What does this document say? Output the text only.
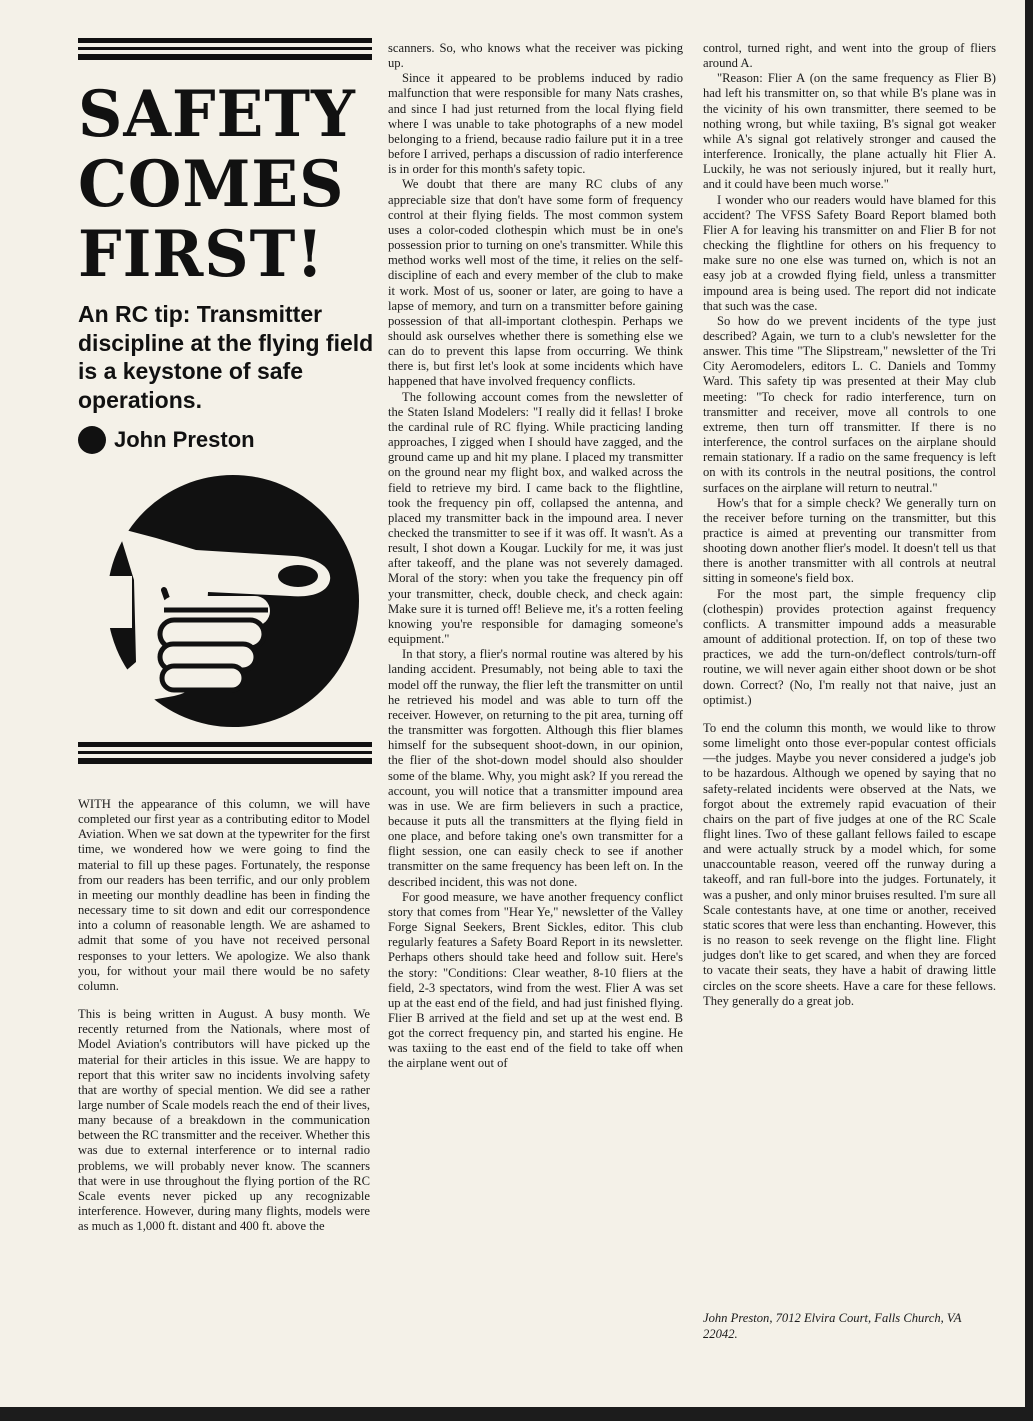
SAFETY
COMES
FIRST!
An RC tip: Transmitter discipline at the flying field is a keystone of safe operations.
John Preston

WITH the appearance of this column, we will have completed our first year as a contributing editor to Model Aviation. When we sat down at the typewriter for the first time, we wondered how we were going to find the material to fill up these pages. Fortunately, the response from our readers has been terrific, and our only problem in meeting our monthly deadline has been in finding the necessary time to sit down and edit our correspondence into a column of reasonable length. We are ashamed to admit that some of you have not received personal responses to your letters. We apologize. We also thank you, for without your mail there would be no safety column.

This is being written in August. A busy month. We recently returned from the Nationals, where most of Model Aviation's contributors will have picked up the material for their articles in this issue. We are happy to report that this writer saw no incidents involving safety that are worthy of special mention. We did see a rather large number of Scale models reach the end of their lives, many because of a breakdown in the communication between the RC transmitter and the receiver. Whether this was due to external interference or to internal radio problems, we will probably never know. The scanners that were in use throughout the flying portion of the RC Scale events never picked up any recognizable interference. However, during many flights, models were as much as 1,000 ft. distant and 400 ft. above the

scanners. So, who knows what the receiver was picking up.

Since it appeared to be problems induced by radio malfunction that were responsible for many Nats crashes, and since I had just returned from the local flying field where I was unable to take photographs of a new model belonging to a friend, because radio failure put it in a tree before I arrived, perhaps a discussion of radio interference is in order for this month's safety topic.

We doubt that there are many RC clubs of any appreciable size that don't have some form of frequency control at their flying fields. The most common system uses a color-coded clothespin which must be in one's possession prior to turning on one's transmitter. While this method works well most of the time, it relies on the self-discipline of each and every member of the club to make it work. Most of us, sooner or later, are going to have a lapse of memory, and turn on a transmitter before gaining possession of that all-important clothespin. Perhaps we should ask ourselves whether there is something else we can do to prevent this lapse from occurring. We think there is, but first let's look at some incidents which have happened that have involved frequency conflicts.

The following account comes from the newsletter of the Staten Island Modelers: "I really did it fellas! I broke the cardinal rule of RC flying. While practicing landing approaches, I zigged when I should have zagged, and the ground came up and hit my plane. I placed my transmitter on the ground near my flight box, and walked across the field to retrieve my bird. I came back to the flightline, took the frequency pin off, collapsed the antenna, and placed my transmitter back in the impound area. I never checked the transmitter to see if it was off. It wasn't. As a result, I shot down a Kougar. Luckily for me, it was just after takeoff, and the plane was not severely damaged. Moral of the story: when you take the frequency pin off your transmitter, check, double check, and check again: Make sure it is turned off! Believe me, it's a rotten feeling knowing you're responsible for damaging someone's equipment."

In that story, a flier's normal routine was altered by his landing accident. Presumably, not being able to taxi the model off the runway, the flier left the transmitter on until he retrieved his model and was able to turn off the receiver. However, on returning to the pit area, turning off the transmitter was forgotten. Although this flier blames himself for the subsequent shoot-down, in our opinion, the flier of the shot-down model should also shoulder some of the blame. Why, you might ask? If you reread the account, you will notice that a transmitter impound area was in use. We are firm believers in such a practice, because it puts all the transmitters at the flying field in one place, and before taking one's own transmitter for a flight session, one can easily check to see if another transmitter on the same frequency has been left on. In the described incident, this was not done.

For good measure, we have another frequency conflict story that comes from "Hear Ye," newsletter of the Valley Forge Signal Seekers, Brent Sickles, editor. This club regularly features a Safety Board Report in its newsletter. Perhaps others should take heed and follow suit. Here's the story: "Conditions: Clear weather, 8-10 fliers at the field, 2-3 spectators, wind from the west. Flier A was set up at the east end of the field, and had just finished flying. Flier B arrived at the field and set up at the west end. B got the correct frequency pin, and started his engine. He was taxiing to the east end of the field to take off when the airplane went out of

control, turned right, and went into the group of fliers around A.

"Reason: Flier A (on the same frequency as Flier B) had left his transmitter on, so that while B's plane was in the vicinity of his own transmitter, there seemed to be nothing wrong, but while taxiing, B's signal got weaker while A's signal got relatively stronger and caused the interference. Ironically, the plane actually hit Flier A. Luckily, he was not seriously injured, but it really hurt, and it could have been much worse."

I wonder who our readers would have blamed for this accident? The VFSS Safety Board Report blamed both Flier A for leaving his transmitter on and Flier B for not checking the flightline for others on his frequency to make sure no one else was turned on, which is not an easy job at a crowded flying field, unless a transmitter impound area is being used. The report did not indicate that such was the case.

So how do we prevent incidents of the type just described? Again, we turn to a club's newsletter for the answer. This time "The Slipstream," newsletter of the Tri City Aeromodelers, editors L. C. Daniels and Tommy Ward. This safety tip was presented at their May club meeting: "To check for radio interference, turn on transmitter and receiver, move all controls to one extreme, then turn off transmitter. If there is no interference, the control surfaces on the airplane should remain stationary. If a radio on the same frequency is left on with its controls in the neutral positions, the control surfaces on the airplane will return to neutral."

How's that for a simple check? We generally turn on the receiver before turning on the transmitter, but this practice is aimed at preventing our transmitter from shooting down another flier's model. It doesn't tell us that there is another transmitter with all controls at neutral sitting in someone's field box.

For the most part, the simple frequency clip (clothespin) provides protection against frequency conflicts. A transmitter impound adds a measurable amount of additional protection. If, on top of these two practices, we add the turn-on/deflect controls/turn-off routine, we will never again either shoot down or be shot down. Correct? (No, I'm really not that naive, just an optimist.)

To end the column this month, we would like to throw some limelight onto those ever-popular contest officials—the judges. Maybe you never considered a judge's job to be hazardous. Although we opened by saying that no safety-related incidents were observed at the Nats, we forgot about the extremely rapid evacuation of their chairs on the part of five judges at one of the RC Scale flight lines. Two of these gallant fellows failed to escape and were actually struck by a model which, for some unaccountable reason, veered off the runway during a takeoff, and ran full-bore into the judges. Fortunately, it was a pusher, and only minor bruises resulted. I'm sure all Scale contestants have, at one time or another, received static scores that were less than enchanting. However, this is no reason to seek revenge on the flight line. Flight judges don't like to get scared, and when they are forced to vacate their seats, they have a habit of drawing little circles on the score sheets. Have a care for these fellows. They generally do a great job.

John Preston, 7012 Elvira Court, Falls Church, VA 22042.
